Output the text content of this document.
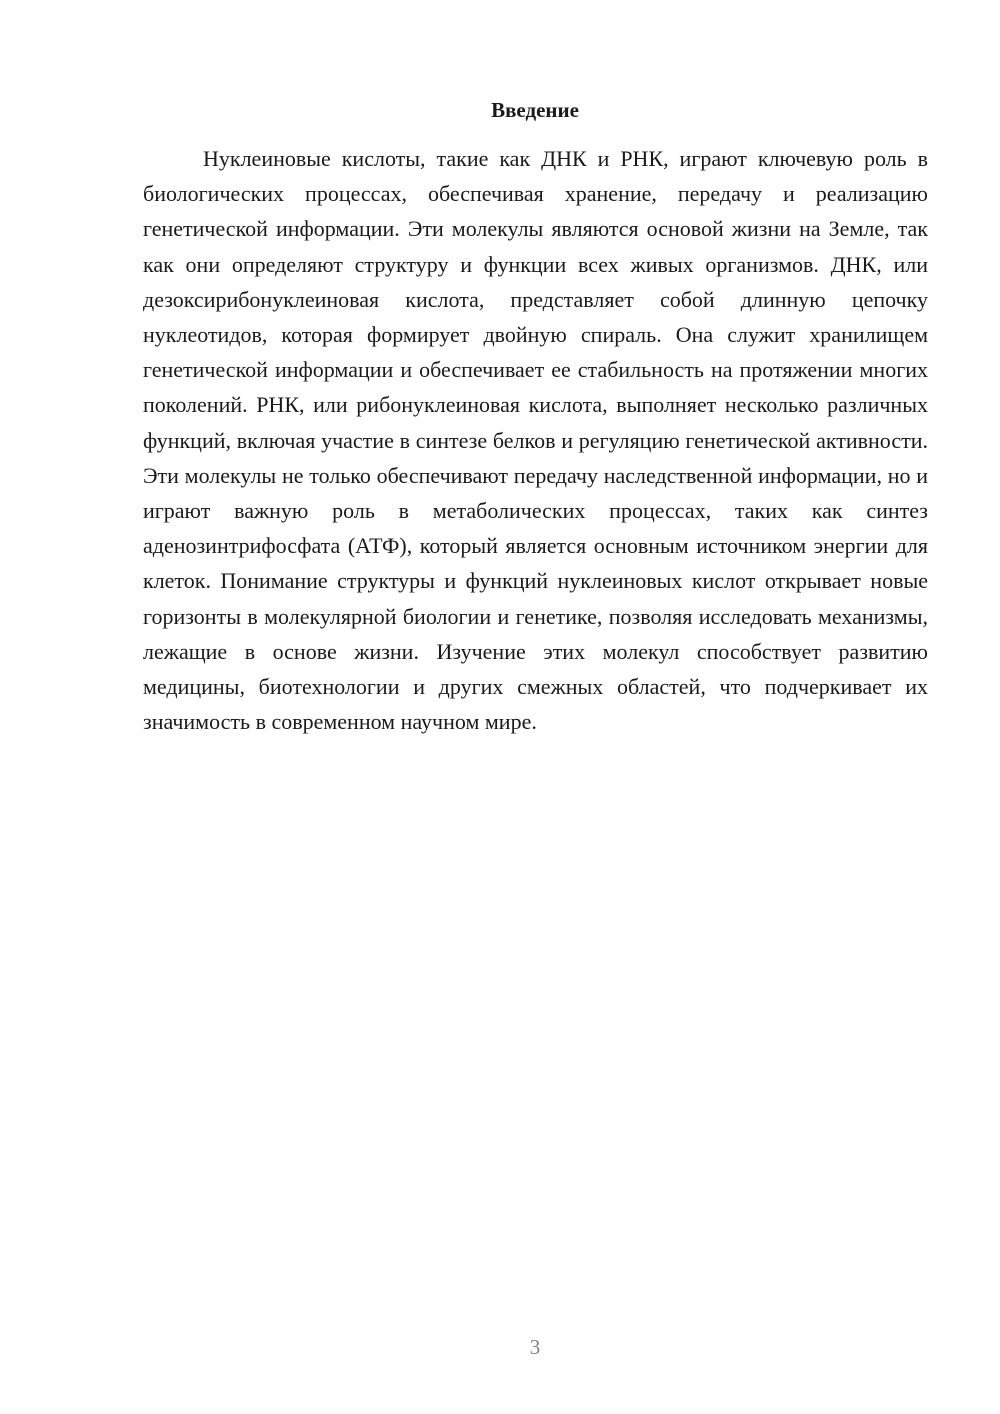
Введение

Нуклеиновые кислоты, такие как ДНК и РНК, играют ключевую роль в биологических процессах, обеспечивая хранение, передачу и реализацию генетической информации. Эти молекулы являются основой жизни на Земле, так как они определяют структуру и функции всех живых организмов. ДНК, или дезоксирибонуклеиновая кислота, представляет собой длинную цепочку нуклеотидов, которая формирует двойную спираль. Она служит хранилищем генетической информации и обеспечивает ее стабильность на протяжении многих поколений. РНК, или рибонуклеиновая кислота, выполняет несколько различных функций, включая участие в синтезе белков и регуляцию генетической активности. Эти молекулы не только обеспечивают передачу наследственной информации, но и играют важную роль в метаболических процессах, таких как синтез аденозинтрифосфата (АТФ), который является основным источником энергии для клеток. Понимание структуры и функций нуклеиновых кислот открывает новые горизонты в молекулярной биологии и генетике, позволяя исследовать механизмы, лежащие в основе жизни. Изучение этих молекул способствует развитию медицины, биотехнологии и других смежных областей, что подчеркивает их значимость в современном научном мире.

3
